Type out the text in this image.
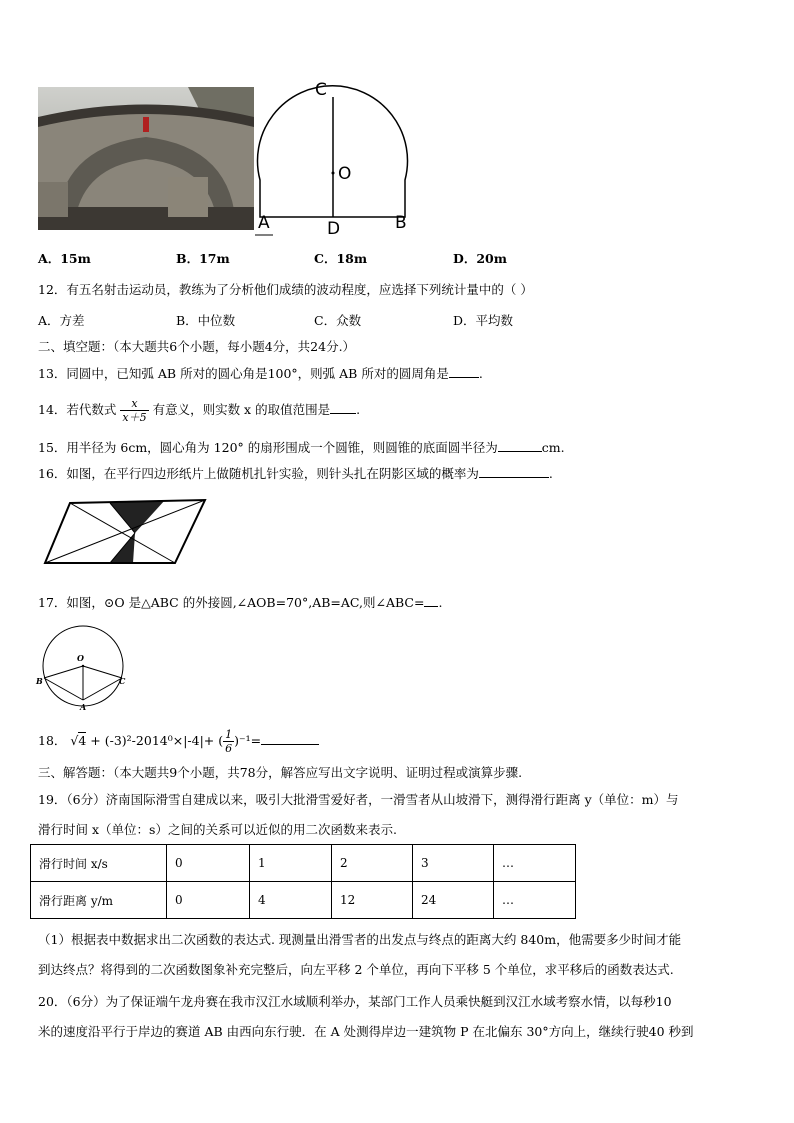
C
O
A	D	B
A．15m	B．17m	C．18m	D．20m
12．有五名射击运动员，教练为了分析他们成绩的波动程度，应选择下列统计量中的（ ）
A．方差	B．中位数	C．众数	D．平均数
二、填空题：（本大题共6个小题，每小题4分，共24分.）
13．同圆中，已知弧 AB 所对的圆心角是100°，则弧 AB 所对的圆周角是 .
14．若代数式 $\frac{x}{x+5}$ 有意义，则实数 x 的取值范围是 .
15．用半径为 6cm，圆心角为 120° 的扇形围成一个圆锥，则圆锥的底面圆半径为	cm.
16．如图，在平行四边形纸片上做随机扎针实验，则针头扎在阴影区域的概率为	.
17．如图，⊙O 是△ABC 的外接圆,∠AOB=70°,AB=AC,则∠ABC= .
O
B	C
A
18． √4 + (-3)²-2014⁰×|-4|+ ( $\frac{1}{6} )^{-1}=$
三、解答题：（本大题共9个小题，共78分，解答应写出文字说明、证明过程或演算步骤.
19．（6分）济南国际滑雪自建成以来，吸引大批滑雪爱好者，一滑雪者从山坡滑下，测得滑行距离 y（单位：m）与
滑行时间 x（单位：s）之间的关系可以近似的用二次函数来表示.
滑行时间 x/s	0	1	2	3	…
滑行距离 y/m	0	4	12	24	…
（1）根据表中数据求出二次函数的表达式. 现测量出滑雪者的出发点与终点的距离大约 840m，他需要多少时间才能
到达终点？将得到的二次函数图象补充完整后，向左平移 2 个单位，再向下平移 5 个单位，求平移后的函数表达式.
20．（6分）为了保证端午龙舟赛在我市汉江水域顺利举办，某部门工作人员乘快艇到汉江水域考察水情，以每秒10
米的速度沿平行于岸边的赛道 AB 由西向东行驶．在 A 处测得岸边一建筑物 P 在北偏东 30°方向上，继续行驶40 秒到
